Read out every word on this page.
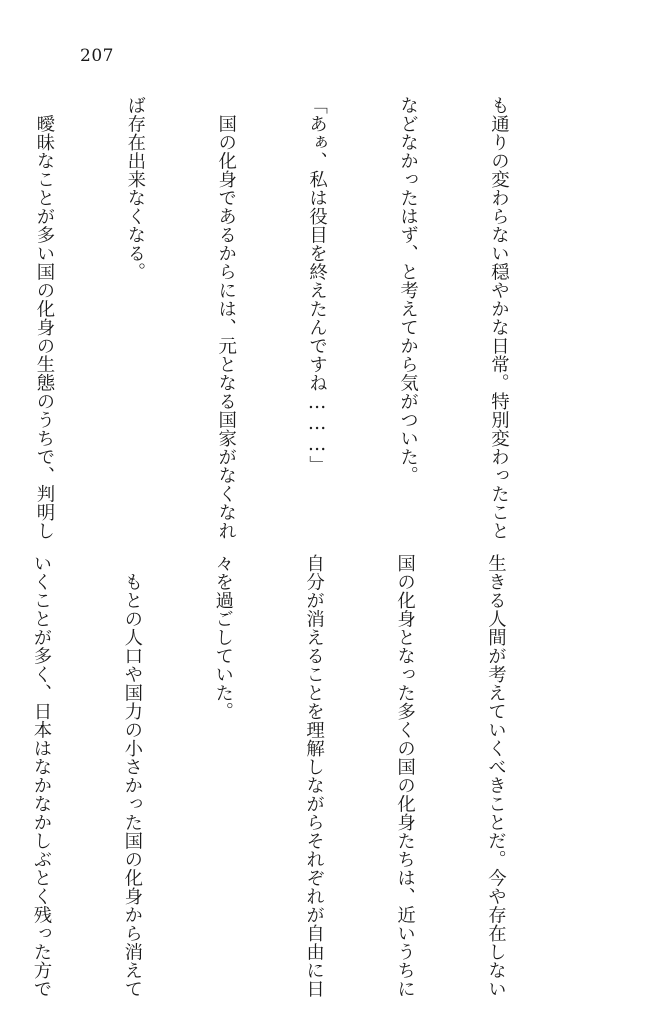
207

も通りの変わらない穏やかな日常。特別変わったこと

などなかったはず、と考えてから気がついた。

「あぁ、私は役目を終えたんですね………」

　国の化身であるからには、元となる国家がなくなれ

ば存在出来なくなる。

　曖昧なことが多い国の化身の生態のうちで、判明し

生きる人間が考えていくべきことだ。今や存在しない

国の化身となった多くの国の化身たちは、近いうちに

自分が消えることを理解しながらそれぞれが自由に日

々を過ごしていた。

　もとの人口や国力の小さかった国の化身から消えて

いくことが多く、日本はなかなかしぶとく残った方で
